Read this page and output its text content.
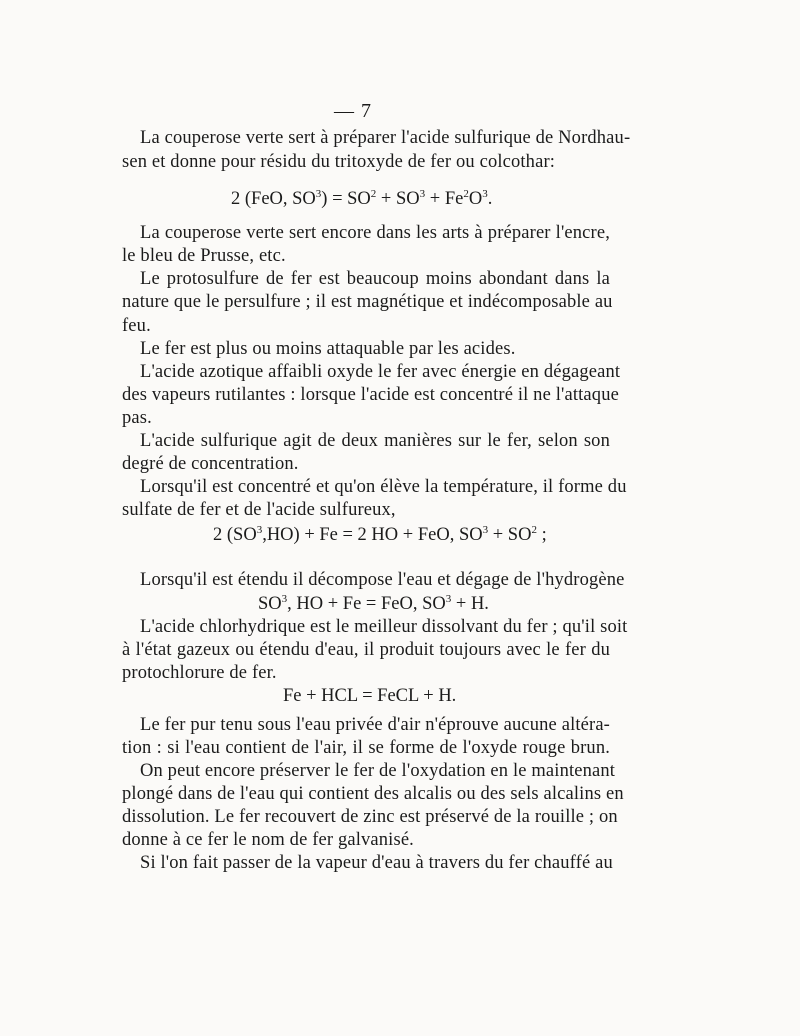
— 7
La couperose verte sert à préparer l'acide sulfurique de Nordhau-
sen et donne pour résidu du tritoxyde de fer ou colcothar:
La couperose verte sert encore dans les arts à préparer l'encre,
le bleu de Prusse, etc.
Le protosulfure de fer est beaucoup moins abondant dans la
nature que le persulfure ; il est magnétique et indécomposable au
feu.
Le fer est plus ou moins attaquable par les acides.
L'acide azotique affaibli oxyde le fer avec énergie en dégageant
des vapeurs rutilantes : lorsque l'acide est concentré il ne l'attaque
pas.
L'acide sulfurique agit de deux manières sur le fer, selon son
degré de concentration.
Lorsqu'il est concentré et qu'on élève la température, il forme du
sulfate de fer et de l'acide sulfureux,
Lorsqu'il est étendu il décompose l'eau et dégage de l'hydrogène
L'acide chlorhydrique est le meilleur dissolvant du fer ; qu'il soit
à l'état gazeux ou étendu d'eau, il produit toujours avec le fer du
protochlorure de fer.
Le fer pur tenu sous l'eau privée d'air n'éprouve aucune altéra-
tion : si l'eau contient de l'air, il se forme de l'oxyde rouge brun.
On peut encore préserver le fer de l'oxydation en le maintenant
plongé dans de l'eau qui contient des alcalis ou des sels alcalins en
dissolution. Le fer recouvert de zinc est préservé de la rouille ; on
donne à ce fer le nom de fer galvanisé.
Si l'on fait passer de la vapeur d'eau à travers du fer chauffé au
2 (FeO, $SO^3) = SO^2 + SO^3 + Fe^2O^3$.
2 $(SO^3,HO) + Fe = 2$ HO + FeO, $SO^3 + SO^2$ ;
$SO^3$, HO + Fe = FeO, $SO^3 + H$.
Fe + HCL = FeCL + H.
